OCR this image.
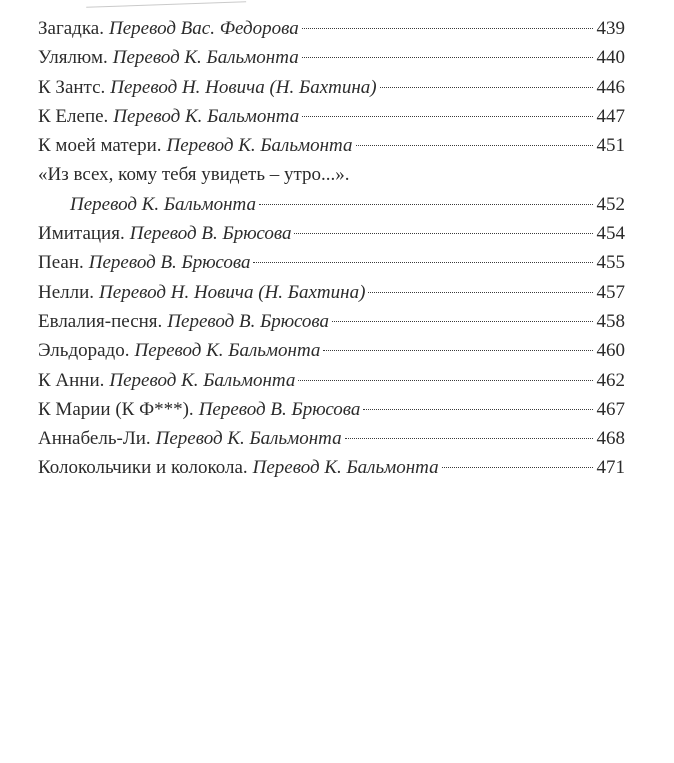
Загадка. Перевод Вас. Федорова	439
Улялюм. Перевод К. Бальмонта	440
К Зантс. Перевод Н. Новича (Н. Бахтина)	446
К Елепе. Перевод К. Бальмонта	447
К моей матери. Перевод К. Бальмонта	451
«Из всех, кому тебя увидеть – утро...».
Перевод К. Бальмонта	452
Имитация. Перевод В. Брюсова	454
Пеан. Перевод В. Брюсова	455
Нелли. Перевод Н. Новича (Н. Бахтина)	457
Евлалия-песня. Перевод В. Брюсова	458
Эльдорадо. Перевод К. Бальмонта	460
К Анни. Перевод К. Бальмонта	462
К Марии (К Ф***). Перевод В. Брюсова	467
Аннабель-Ли. Перевод К. Бальмонта	468
Колокольчики и колокола. Перевод К. Бальмонта	471
